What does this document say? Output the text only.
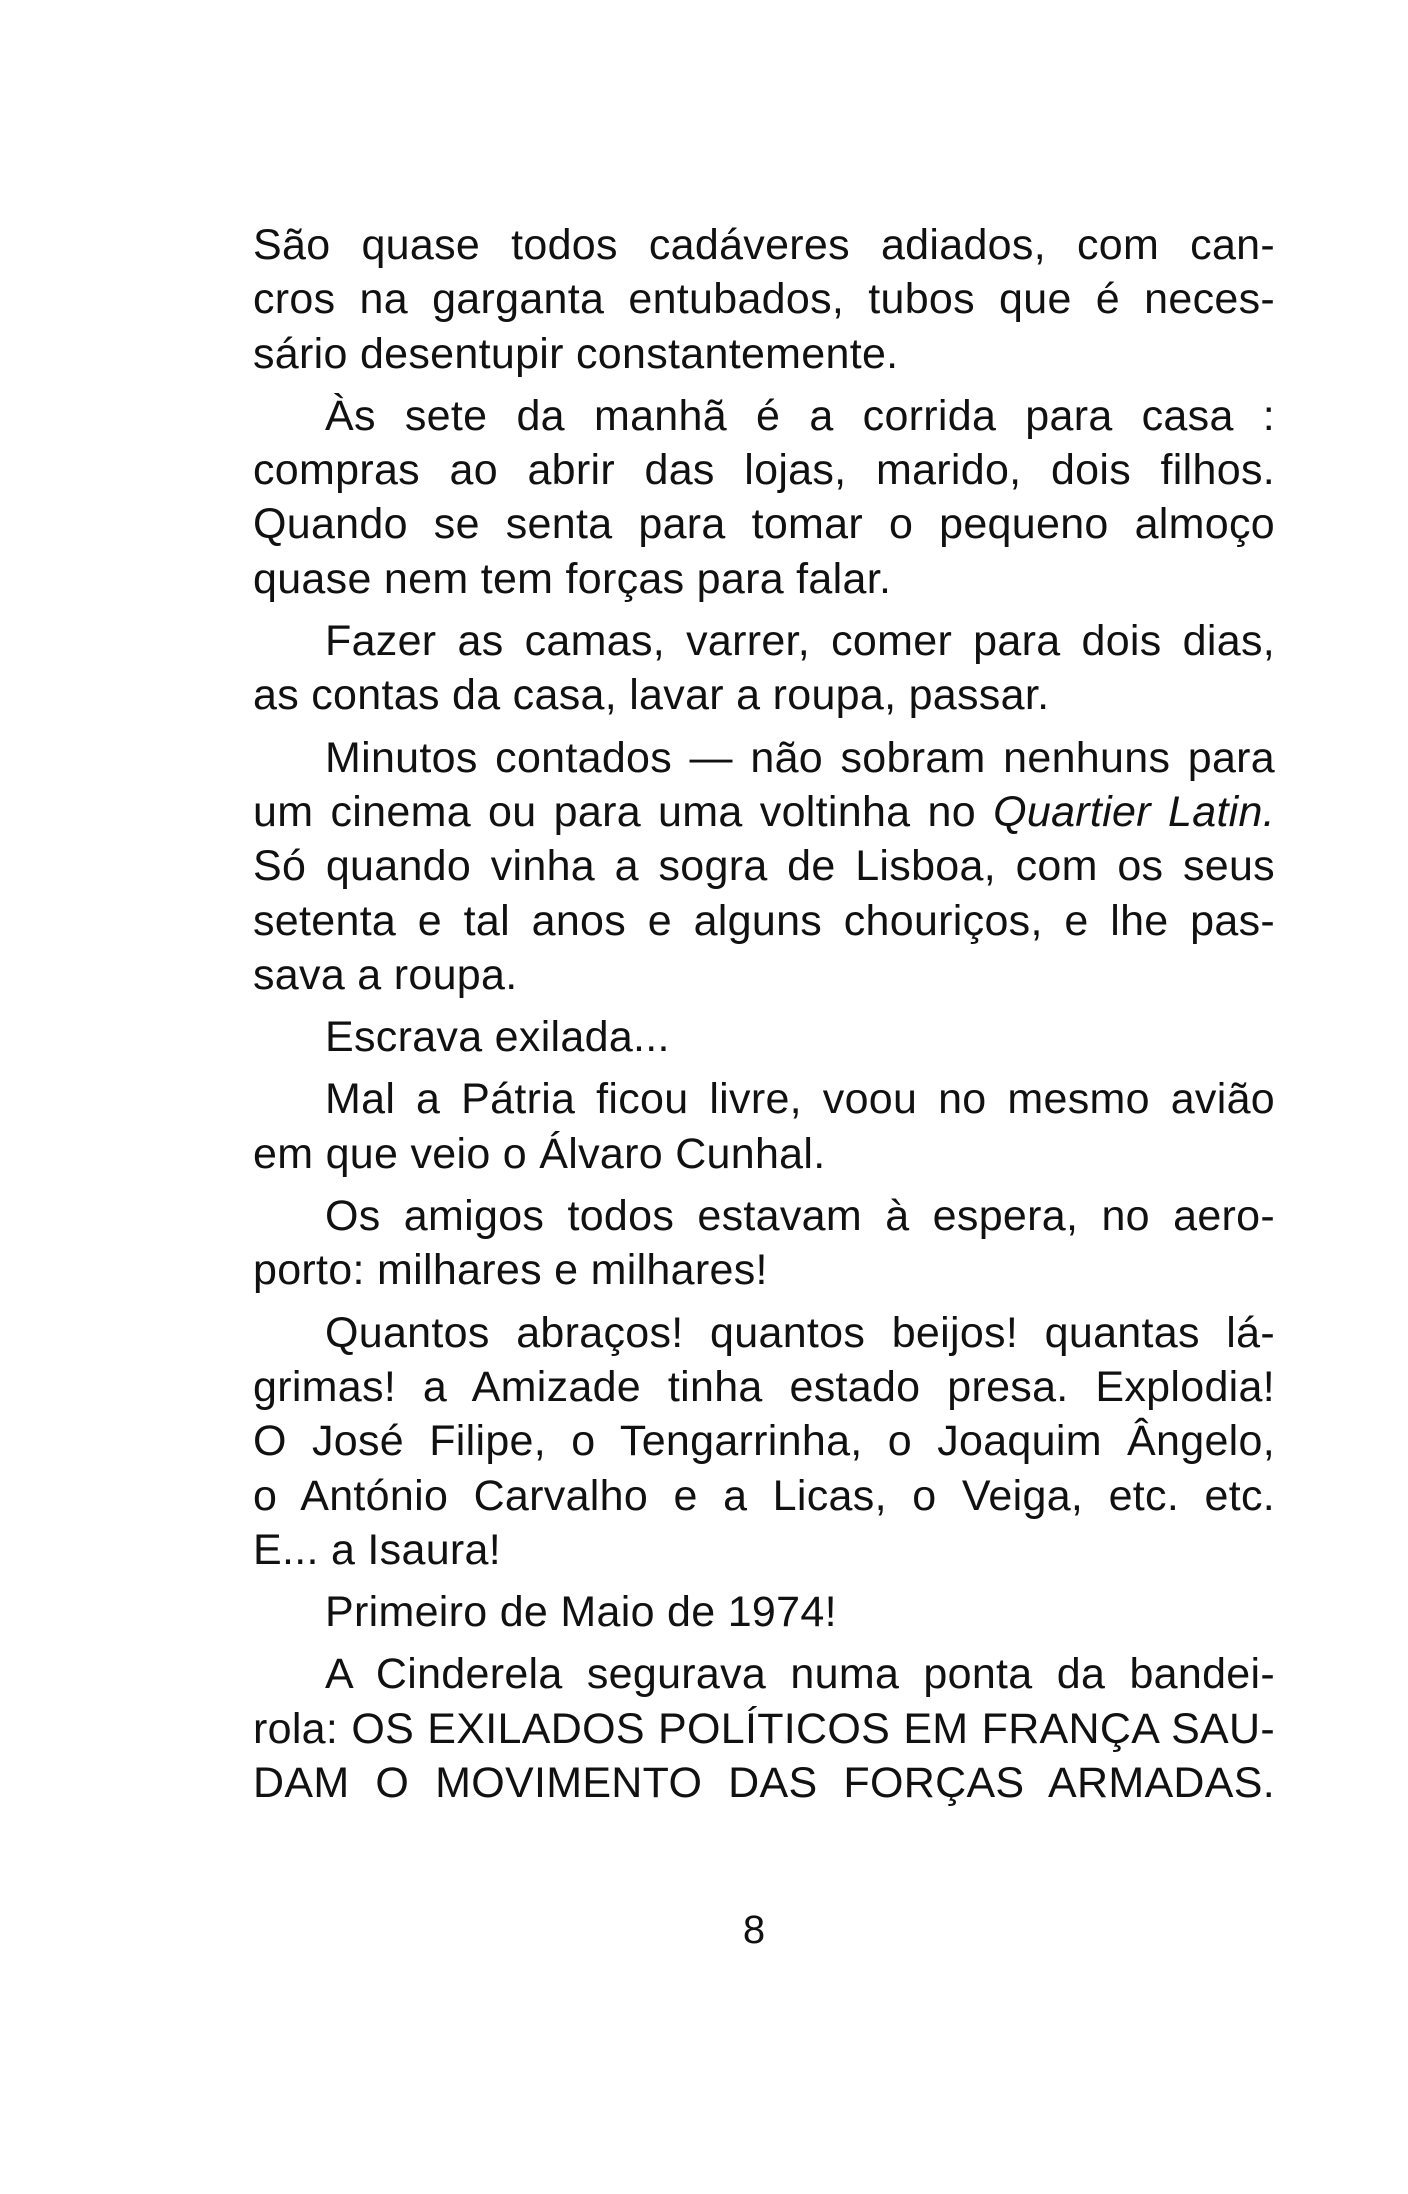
São quase todos cadáveres adiados, com can-
cros na garganta entubados, tubos que é neces-
sário desentupir constantemente.
Às sete da manhã é a corrida para casa :
compras ao abrir das lojas, marido, dois filhos.
Quando se senta para tomar o pequeno almoço
quase nem tem forças para falar.
Fazer as camas, varrer, comer para dois dias,
as contas da casa, lavar a roupa, passar.
Minutos contados — não sobram nenhuns para
um cinema ou para uma voltinha no Quartier Latin.
Só quando vinha a sogra de Lisboa, com os seus
setenta e tal anos e alguns chouriços, e lhe pas-
sava a roupa.
Escrava exilada...
Mal a Pátria ficou livre, voou no mesmo avião
em que veio o Álvaro Cunhal.
Os amigos todos estavam à espera, no aero-
porto: milhares e milhares!
Quantos abraços! quantos beijos! quantas lá-
grimas! a Amizade tinha estado presa. Explodia!
O José Filipe, o Tengarrinha, o Joaquim Ângelo,
o António Carvalho e a Licas, o Veiga, etc. etc.
E... a Isaura!
Primeiro de Maio de 1974!
A Cinderela segurava numa ponta da bandei-
rola: OS EXILADOS POLÍTICOS EM FRANÇA SAU-
DAM O MOVIMENTO DAS FORÇAS ARMADAS.
8
